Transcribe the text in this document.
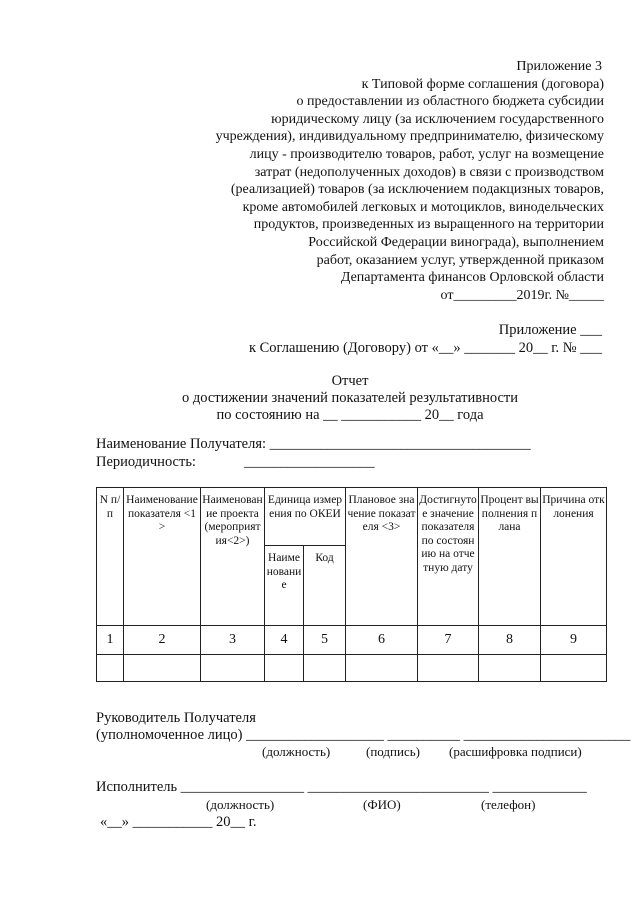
Приложение 3
к Типовой форме соглашения (договора)
о предоставлении из областного бюджета субсидии
юридическому лицу (за исключением государственного
учреждения), индивидуальному предпринимателю, физическому
лицу - производителю товаров, работ, услуг на возмещение
затрат (недополученных доходов) в связи с производством
(реализацией) товаров (за исключением подакцизных товаров,
кроме автомобилей легковых и мотоциклов, винодельческих
продуктов, произведенных из выращенного на территории
Российской Федерации винограда), выполнением
работ, оказанием услуг, утвержденной приказом
Департамента финансов Орловской области
от_________2019г. №_____
Приложение ___
к Соглашению (Договору) от «__» _______ 20__ г. № ___
Отчет
о достижении значений показателей результативности
по состоянию на __ ___________ 20__ года
Наименование Получателя: ____________________________________
Периодичность:	__________________
N п/п	Наименование показателя <1>	Наименование проекта (мероприятия<2>)	Единица измерения по ОКЕИ		Плановое значение показателя <3>	Достигнутое значение показателя по состоянию на отчетную дату	Процент выполнения плана	Причина отклонения
			Наименование	Код				
1	2	3	4	5	6	7	8	9

Руководитель Получателя
(уполномоченное лицо) ___________________ __________ _______________________
(должность)	(подпись) (расшифровка подписи)
Исполнитель _________________ _________________________ _____________
(должность)	(ФИО)	(телефон)
«__» ___________ 20__ г.
